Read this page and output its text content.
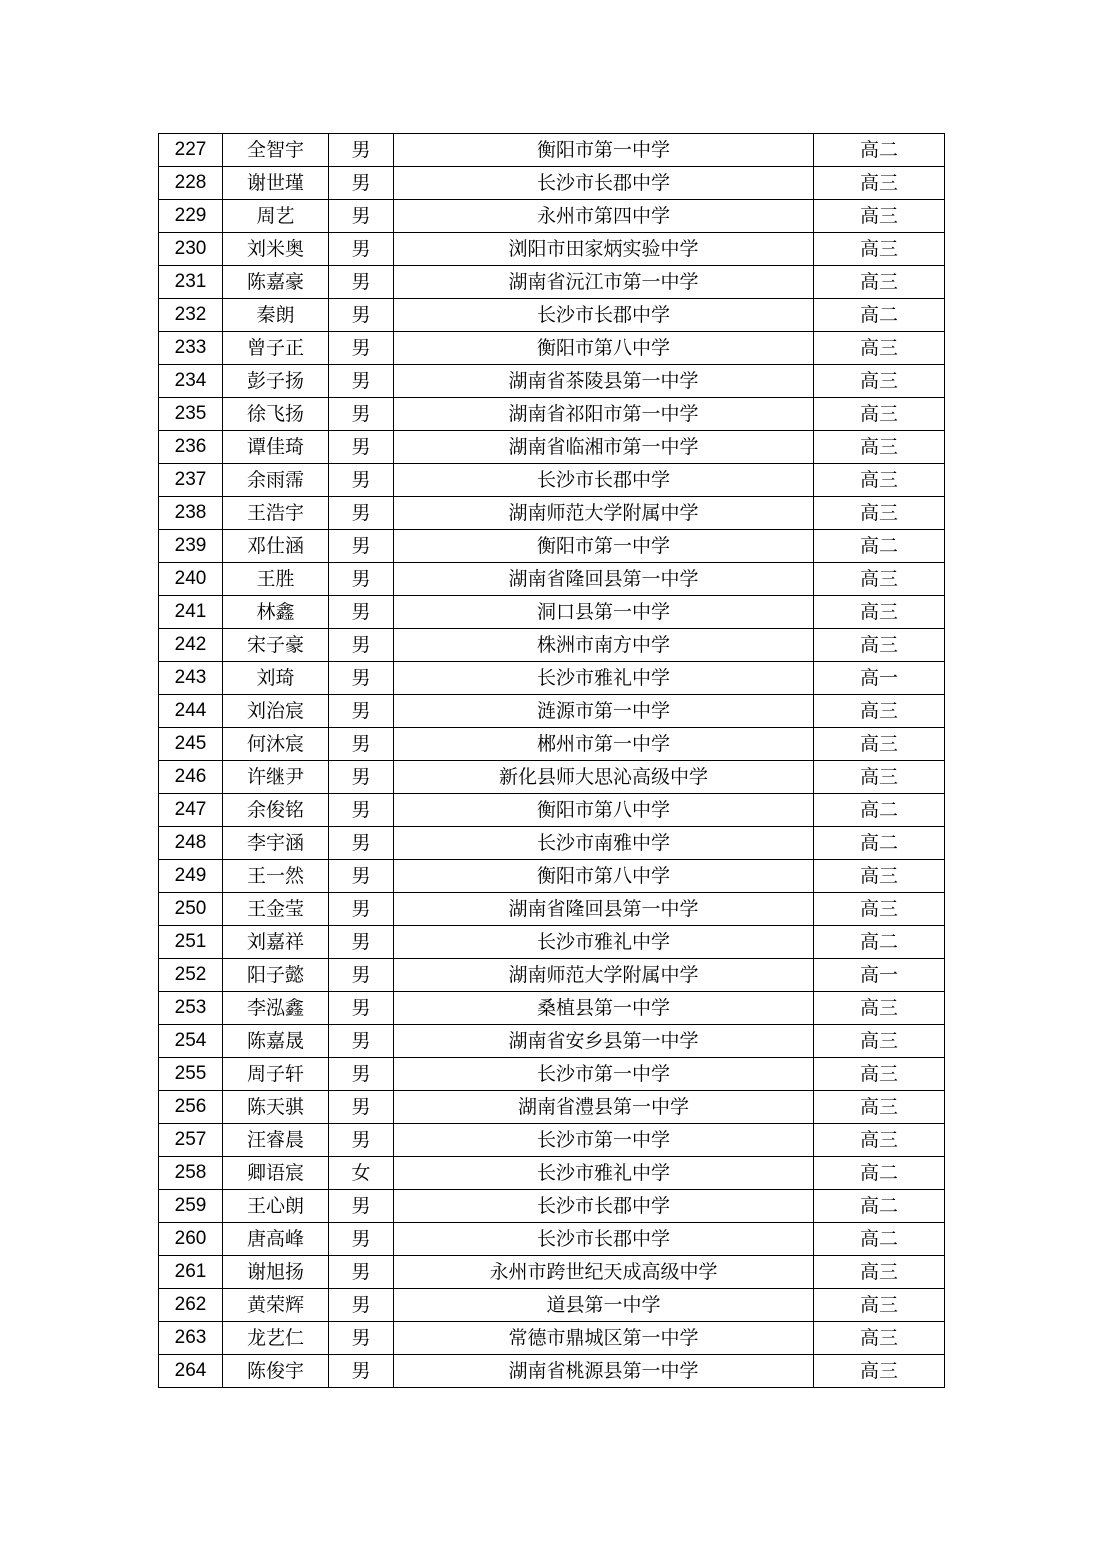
227	全智宇	男	衡阳市第一中学	高二
228	谢世瑾	男	长沙市长郡中学	高三
229	周艺	男	永州市第四中学	高三
230	刘米奥	男	浏阳市田家炳实验中学	高三
231	陈嘉豪	男	湖南省沅江市第一中学	高三
232	秦朗	男	长沙市长郡中学	高二
233	曾子正	男	衡阳市第八中学	高三
234	彭子扬	男	湖南省茶陵县第一中学	高三
235	徐飞扬	男	湖南省祁阳市第一中学	高三
236	谭佳琦	男	湖南省临湘市第一中学	高三
237	余雨霈	男	长沙市长郡中学	高三
238	王浩宇	男	湖南师范大学附属中学	高三
239	邓仕涵	男	衡阳市第一中学	高二
240	王胜	男	湖南省隆回县第一中学	高三
241	林鑫	男	洞口县第一中学	高三
242	宋子豪	男	株洲市南方中学	高三
243	刘琦	男	长沙市雅礼中学	高一
244	刘治宸	男	涟源市第一中学	高三
245	何沐宸	男	郴州市第一中学	高三
246	许继尹	男	新化县师大思沁高级中学	高三
247	余俊铭	男	衡阳市第八中学	高二
248	李宇涵	男	长沙市南雅中学	高二
249	王一然	男	衡阳市第八中学	高三
250	王金莹	男	湖南省隆回县第一中学	高三
251	刘嘉祥	男	长沙市雅礼中学	高二
252	阳子懿	男	湖南师范大学附属中学	高一
253	李泓鑫	男	桑植县第一中学	高三
254	陈嘉晟	男	湖南省安乡县第一中学	高三
255	周子轩	男	长沙市第一中学	高三
256	陈天骐	男	湖南省澧县第一中学	高三
257	汪睿晨	男	长沙市第一中学	高三
258	卿语宸	女	长沙市雅礼中学	高二
259	王心朗	男	长沙市长郡中学	高二
260	唐高峰	男	长沙市长郡中学	高二
261	谢旭扬	男	永州市跨世纪天成高级中学	高三
262	黄荣辉	男	道县第一中学	高三
263	龙艺仁	男	常德市鼎城区第一中学	高三
264	陈俊宇	男	湖南省桃源县第一中学	高三
